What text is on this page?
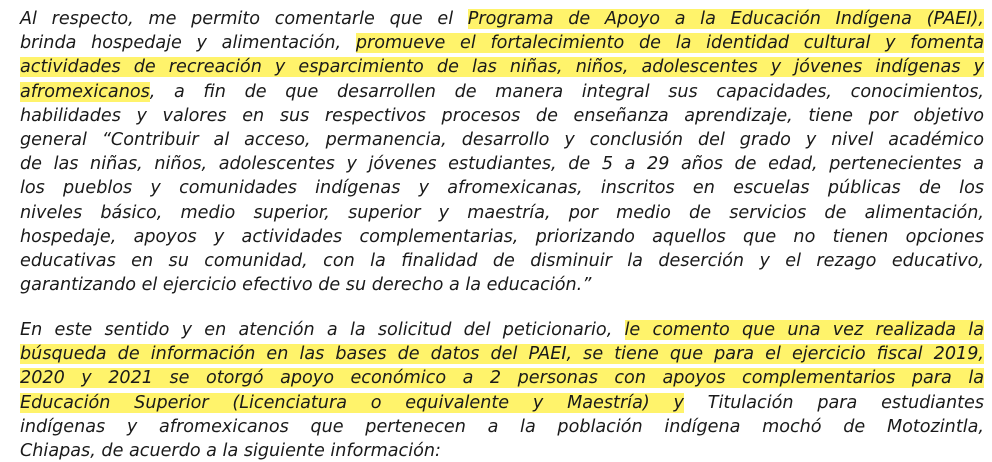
Al respecto, me permito comentarle que el Programa de Apoyo a la Educación Indígena (PAEI),
brinda hospedaje y alimentación, promueve el fortalecimiento de la identidad cultural y fomenta
actividades de recreación y esparcimiento de las niñas, niños, adolescentes y jóvenes indígenas y
afromexicanos, a fin de que desarrollen de manera integral sus capacidades, conocimientos,
habilidades y valores en sus respectivos procesos de enseñanza aprendizaje, tiene por objetivo
general “Contribuir al acceso, permanencia, desarrollo y conclusión del grado y nivel académico
de las niñas, niños, adolescentes y jóvenes estudiantes, de 5 a 29 años de edad, pertenecientes a
los pueblos y comunidades indígenas y afromexicanas, inscritos en escuelas públicas de los
niveles básico, medio superior, superior y maestría, por medio de servicios de alimentación,
hospedaje, apoyos y actividades complementarias, priorizando aquellos que no tienen opciones
educativas en su comunidad, con la finalidad de disminuir la deserción y el rezago educativo,
garantizando el ejercicio efectivo de su derecho a la educación.”
En este sentido y en atención a la solicitud del peticionario, le comento que una vez realizada la
búsqueda de información en las bases de datos del PAEI, se tiene que para el ejercicio fiscal 2019,
2020 y 2021 se otorgó apoyo económico a 2 personas con apoyos complementarios para la
Educación Superior (Licenciatura o equivalente y Maestría) y Titulación para estudiantes
indígenas y afromexicanos que pertenecen a la población indígena mochó de Motozintla,
Chiapas, de acuerdo a la siguiente información:
